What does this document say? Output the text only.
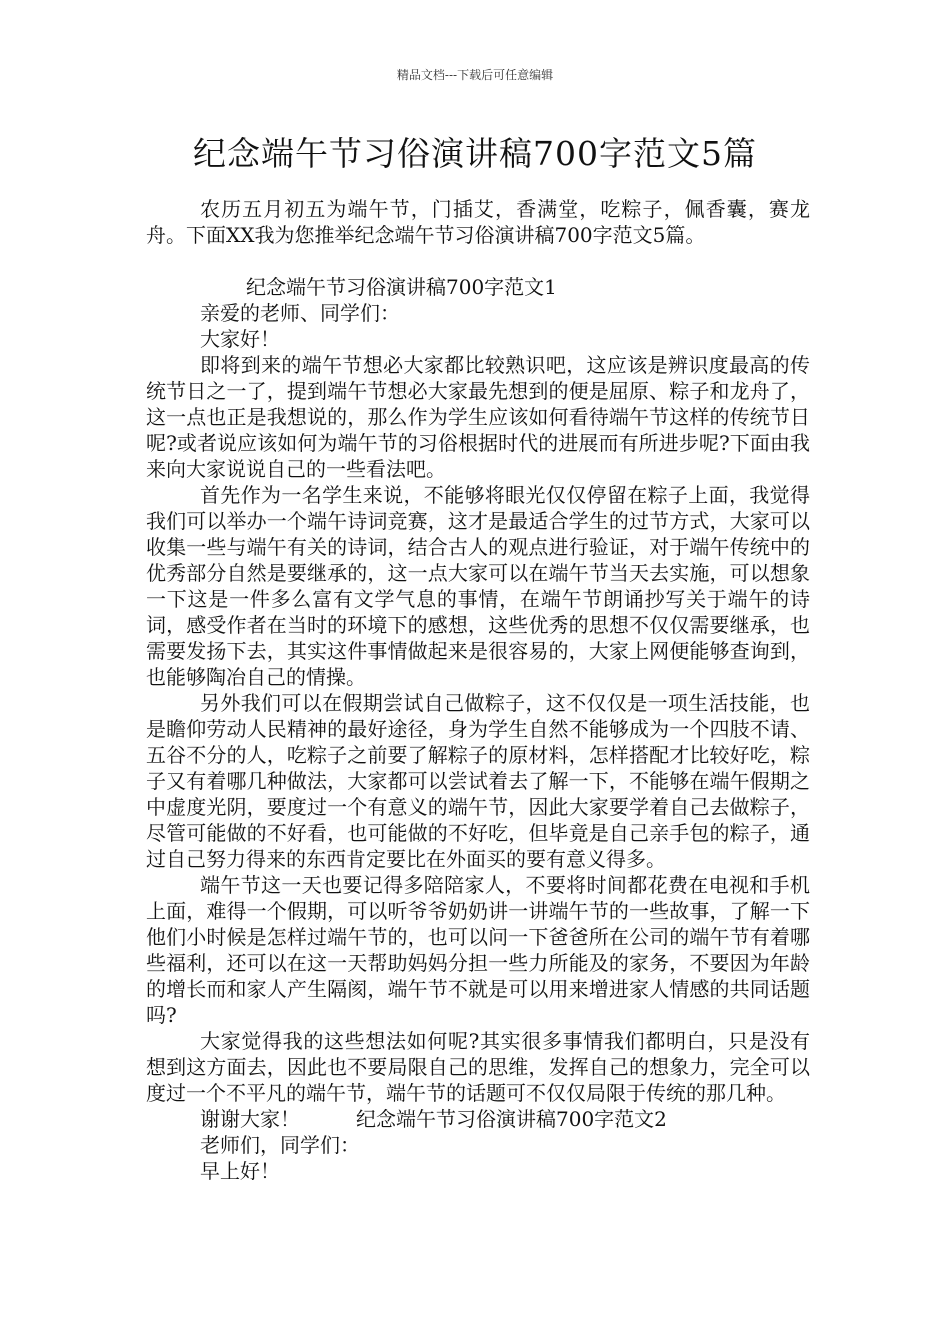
精品文档---下载后可任意编辑
纪念端午节习俗演讲稿700字范文5篇

农历五月初五为端午节，门插艾，香满堂，吃粽子，佩香囊，赛龙舟。下面XX我为您推举纪念端午节习俗演讲稿700字范文5篇。

纪念端午节习俗演讲稿700字范文1

亲爱的老师、同学们：

大家好！

即将到来的端午节想必大家都比较熟识吧，这应该是辨识度最高的传统节日之一了，提到端午节想必大家最先想到的便是屈原、粽子和龙舟了，这一点也正是我想说的，那么作为学生应该如何看待端午节这样的传统节日呢?或者说应该如何为端午节的习俗根据时代的进展而有所进步呢?下面由我来向大家说说自己的一些看法吧。

首先作为一名学生来说，不能够将眼光仅仅停留在粽子上面，我觉得我们可以举办一个端午诗词竞赛，这才是最适合学生的过节方式，大家可以收集一些与端午有关的诗词，结合古人的观点进行验证，对于端午传统中的优秀部分自然是要继承的，这一点大家可以在端午节当天去实施，可以想象一下这是一件多么富有文学气息的事情，在端午节朗诵抄写关于端午的诗词，感受作者在当时的环境下的感想，这些优秀的思想不仅仅需要继承，也需要发扬下去，其实这件事情做起来是很容易的，大家上网便能够查询到，也能够陶冶自己的情操。

另外我们可以在假期尝试自己做粽子，这不仅仅是一项生活技能，也是瞻仰劳动人民精神的最好途径，身为学生自然不能够成为一个四肢不请、五谷不分的人，吃粽子之前要了解粽子的原材料，怎样搭配才比较好吃，粽子又有着哪几种做法，大家都可以尝试着去了解一下，不能够在端午假期之中虚度光阴，要度过一个有意义的端午节，因此大家要学着自己去做粽子，尽管可能做的不好看，也可能做的不好吃，但毕竟是自己亲手包的粽子，通过自己努力得来的东西肯定要比在外面买的要有意义得多。

端午节这一天也要记得多陪陪家人，不要将时间都花费在电视和手机上面，难得一个假期，可以听爷爷奶奶讲一讲端午节的一些故事，了解一下他们小时候是怎样过端午节的，也可以问一下爸爸所在公司的端午节有着哪些福利，还可以在这一天帮助妈妈分担一些力所能及的家务，不要因为年龄的增长而和家人产生隔阂，端午节不就是可以用来增进家人情感的共同话题吗?

大家觉得我的这些想法如何呢?其实很多事情我们都明白，只是没有想到这方面去，因此也不要局限自己的思维，发挥自己的想象力，完全可以度过一个不平凡的端午节，端午节的话题可不仅仅局限于传统的那几种。

谢谢大家！	纪念端午节习俗演讲稿700字范文2

老师们，同学们：

早上好！
